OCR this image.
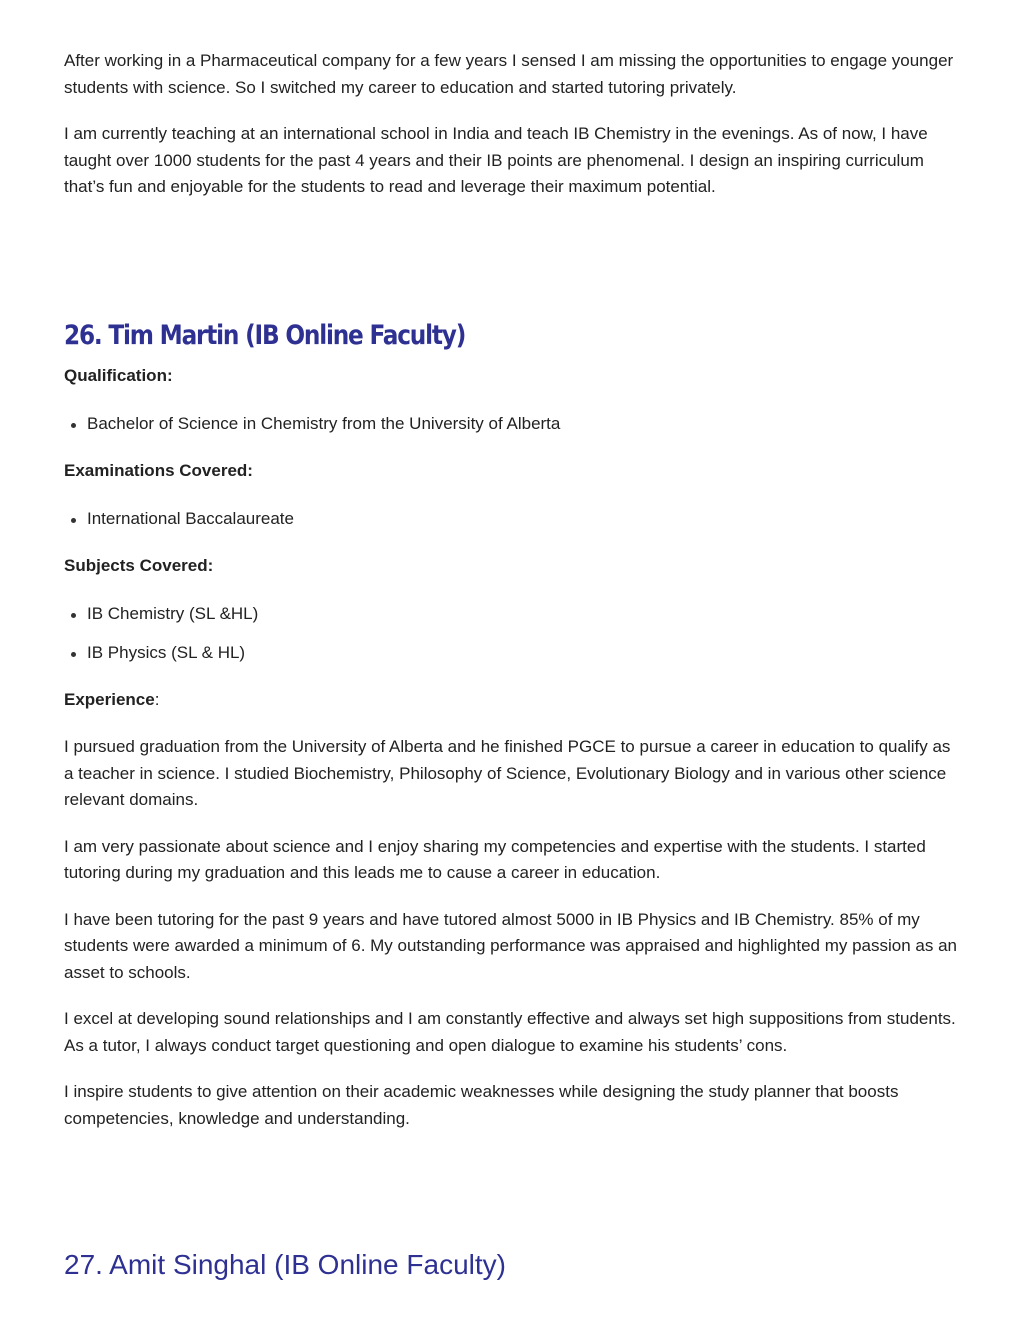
After working in a Pharmaceutical company for a few years I sensed I am missing the opportunities to engage younger students with science. So I switched my career to education and started tutoring privately.

I am currently teaching at an international school in India and teach IB Chemistry in the evenings. As of now, I have taught over 1000 students for the past 4 years and their IB points are phenomenal. I design an inspiring curriculum that’s fun and enjoyable for the students to read and leverage their maximum potential.

26. Tim Martin (IB Online Faculty)
Qualification:
Bachelor of Science in Chemistry from the University of Alberta
Examinations Covered:
International Baccalaureate
Subjects Covered:
IB Chemistry (SL &HL)
IB Physics (SL & HL)
Experience:

I pursued graduation from the University of Alberta and he finished PGCE to pursue a career in education to qualify as a teacher in science. I studied Biochemistry, Philosophy of Science, Evolutionary Biology and in various other science relevant domains.

I am very passionate about science and I enjoy sharing my competencies and expertise with the students. I started tutoring during my graduation and this leads me to cause a career in education.

I have been tutoring for the past 9 years and have tutored almost 5000 in IB Physics and IB Chemistry. 85% of my students were awarded a minimum of 6. My outstanding performance was appraised and highlighted my passion as an asset to schools.

I excel at developing sound relationships and I am constantly effective and always set high suppositions from students. As a tutor, I always conduct target questioning and open dialogue to examine his students’ cons.

I inspire students to give attention on their academic weaknesses while designing the study planner that boosts competencies, knowledge and understanding.

27. Amit Singhal (IB Online Faculty)
